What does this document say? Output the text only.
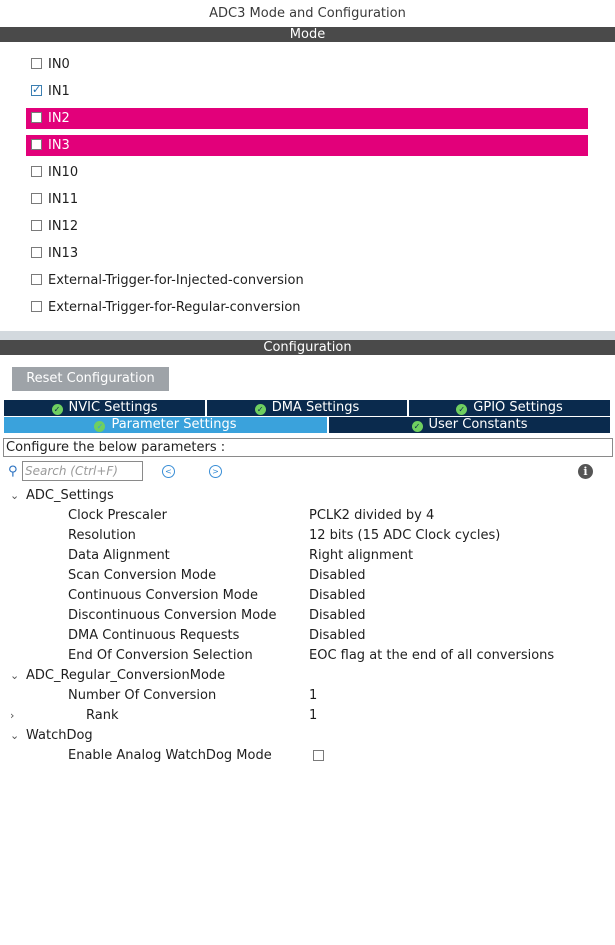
ADC3 Mode and Configuration
Mode
IN0
✓
IN1
IN2
IN3
IN10
IN11
IN12
IN13
External-Trigger-for-Injected-conversion
External-Trigger-for-Regular-conversion
Configuration
Reset Configuration
✓ NVIC Settings	✓ DMA Settings	✓ GPIO Settings
✓ Parameter Settings	✓ User Constants
Configure the below parameters :
⚲
Search (Ctrl+F)	<	>	i
⌄ ADC_Settings
Clock Prescaler	PCLK2 divided by 4
Resolution	12 bits (15 ADC Clock cycles)
Data Alignment	Right alignment
Scan Conversion Mode	Disabled
Continuous Conversion Mode	Disabled
Discontinuous Conversion Mode	Disabled
DMA Continuous Requests	Disabled
End Of Conversion Selection	EOC flag at the end of all conversions
⌄ ADC_Regular_ConversionMode
Number Of Conversion	1
›	Rank	1
⌄ WatchDog
Enable Analog WatchDog Mode
